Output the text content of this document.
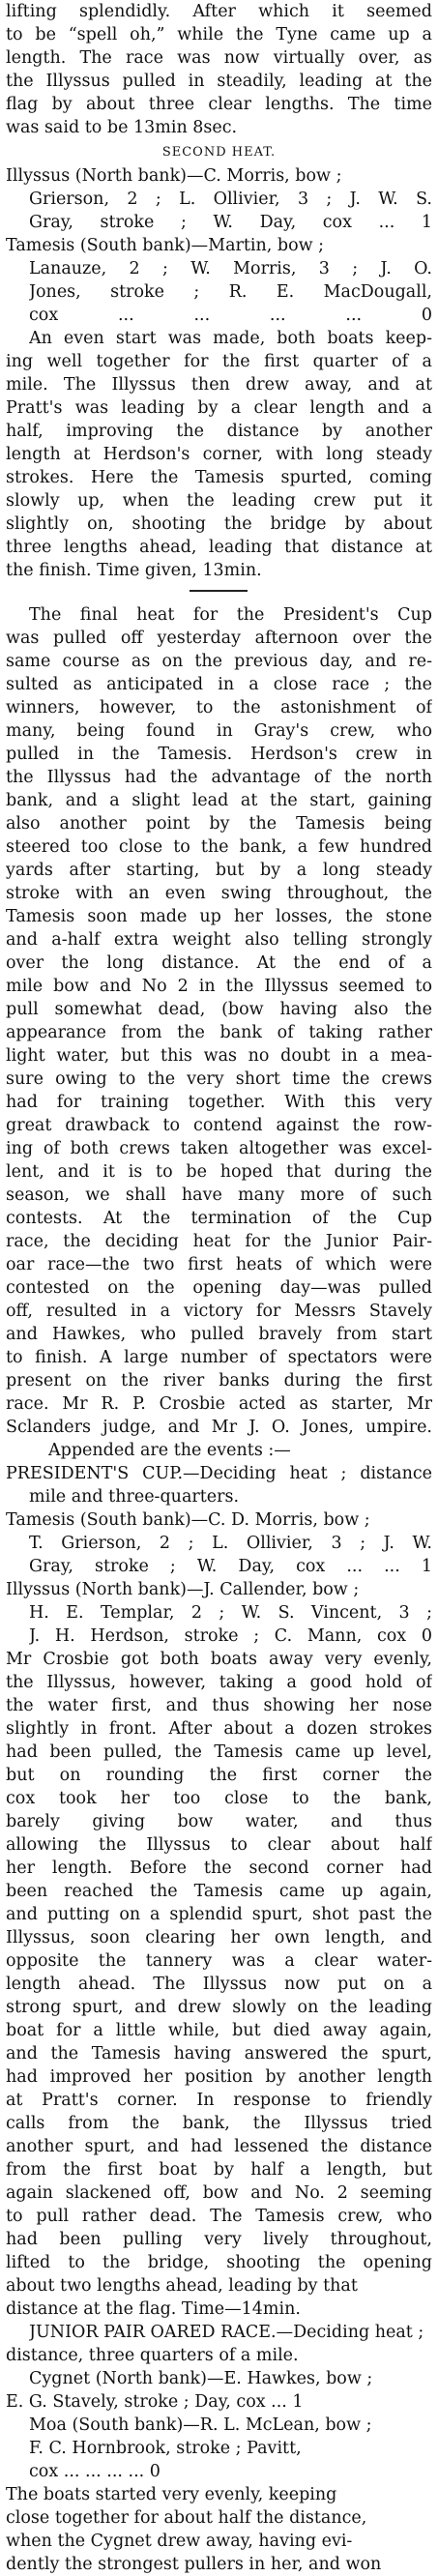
lifting splendidly. After which it seemed
to be “spell oh,” while the Tyne came up a
length. The race was now virtually over, as
the Illyssus pulled in steadily, leading at the
flag by about three clear lengths. The time
was said to be 13min 8sec.
SECOND HEAT.
Illyssus (North bank)—C. Morris, bow ;
Grierson, 2 ; L. Ollivier, 3 ; J. W. S.
Gray, stroke ; W. Day, cox ... 1
Tamesis (South bank)—Martin, bow ;
Lanauze, 2 ; W. Morris, 3 ; J. O.
Jones, stroke ; R. E. MacDougall,
cox ... ... ... ... 0
An even start was made, both boats keep-
ing well together for the first quarter of a
mile. The Illyssus then drew away, and at
Pratt's was leading by a clear length and a
half, improving the distance by another
length at Herdson's corner, with long steady
strokes. Here the Tamesis spurted, coming
slowly up, when the leading crew put it
slightly on, shooting the bridge by about
three lengths ahead, leading that distance at
the finish. Time given, 13min.
The final heat for the President's Cup
was pulled off yesterday afternoon over the
same course as on the previous day, and re-
sulted as anticipated in a close race ; the
winners, however, to the astonishment of
many, being found in Gray's crew, who
pulled in the Tamesis. Herdson's crew in
the Illyssus had the advantage of the north
bank, and a slight lead at the start, gaining
also another point by the Tamesis being
steered too close to the bank, a few hundred
yards after starting, but by a long steady
stroke with an even swing throughout, the
Tamesis soon made up her losses, the stone
and a-half extra weight also telling strongly
over the long distance. At the end of a
mile bow and No 2 in the Illyssus seemed to
pull somewhat dead, (bow having also the
appearance from the bank of taking rather
light water, but this was no doubt in a mea-
sure owing to the very short time the crews
had for training together. With this very
great drawback to contend against the row-
ing of both crews taken altogether was excel-
lent, and it is to be hoped that during the
season, we shall have many more of such
contests. At the termination of the Cup
race, the deciding heat for the Junior Pair-
oar race—the two first heats of which were
contested on the opening day—was pulled
off, resulted in a victory for Messrs Stavely
and Hawkes, who pulled bravely from start
to finish. A large number of spectators were
present on the river banks during the first
race. Mr R. P. Crosbie acted as starter, Mr
Sclanders judge, and Mr J. O. Jones, umpire.
Appended are the events :—
PRESIDENT'S CUP.—Deciding heat ; distance
mile and three-quarters.
Tamesis (South bank)—C. D. Morris, bow ;
T. Grierson, 2 ; L. Ollivier, 3 ; J. W.
Gray, stroke ; W. Day, cox ... ... 1
Illyssus (North bank)—J. Callender, bow ;
H. E. Templar, 2 ; W. S. Vincent, 3 ;
J. H. Herdson, stroke ; C. Mann, cox 0
Mr Crosbie got both boats away very evenly,
the Illyssus, however, taking a good hold of
the water first, and thus showing her nose
slightly in front. After about a dozen strokes
had been pulled, the Tamesis came up level,
but on rounding the first corner the
cox took her too close to the bank,
barely giving bow water, and thus
allowing the Illyssus to clear about half
her length. Before the second corner had
been reached the Tamesis came up again,
and putting on a splendid spurt, shot past the
Illyssus, soon clearing her own length, and
opposite the tannery was a clear water-
length ahead. The Illyssus now put on a
strong spurt, and drew slowly on the leading
boat for a little while, but died away again,
and the Tamesis having answered the spurt,
had improved her position by another length
at Pratt's corner. In response to friendly
calls from the bank, the Illyssus tried
another spurt, and had lessened the distance
from the first boat by half a length, but
again slackened off, bow and No. 2 seeming
to pull rather dead. The Tamesis crew, who
had been pulling very lively throughout,
lifted to the bridge, shooting the opening
about two lengths ahead, leading by that
distance at the flag. Time—14min.
JUNIOR PAIR OARED RACE.—Deciding heat ;
distance, three quarters of a mile.
Cygnet (North bank)—E. Hawkes, bow ;
E. G. Stavely, stroke ; Day, cox ... 1
Moa (South bank)—R. L. McLean, bow ;
F. C. Hornbrook, stroke ; Pavitt,
cox ... ... ... ... 0
The boats started very evenly, keeping
close together for about half the distance,
when the Cygnet drew away, having evi-
dently the strongest pullers in her, and won
